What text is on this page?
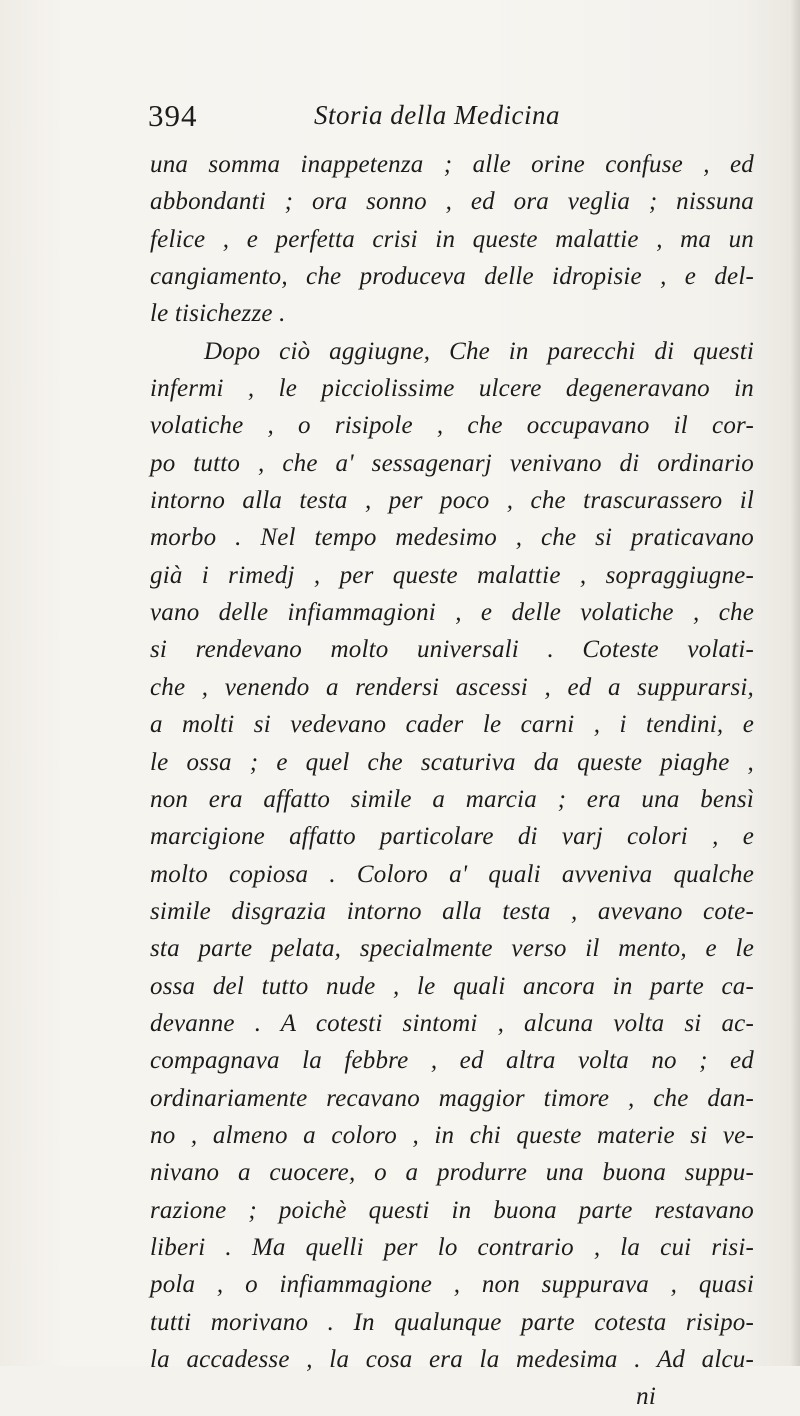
394	Storia della Medicina
una somma inappetenza ; alle orine confuse , ed
abbondanti ; ora sonno , ed ora veglia ; nissuna
felice , e perfetta crisi in queste malattie , ma un
cangiamento, che produceva delle idropisie , e del-
le tisichezze .
Dopo ciò aggiugne, Che in parecchi di questi
infermi , le picciolissime ulcere degeneravano in
volatiche , o risipole , che occupavano il cor-
po tutto , che a' sessagenarj venivano di ordinario
intorno alla testa , per poco , che trascurassero il
morbo . Nel tempo medesimo , che si praticavano
già i rimedj , per queste malattie , sopraggiugne-
vano delle infiammagioni , e delle volatiche , che
si rendevano molto universali . Coteste volati-
che , venendo a rendersi ascessi , ed a suppurarsi,
a molti si vedevano cader le carni , i tendini, e
le ossa ; e quel che scaturiva da queste piaghe ,
non era affatto simile a marcia ; era una bensì
marcigione affatto particolare di varj colori , e
molto copiosa . Coloro a' quali avveniva qualche
simile disgrazia intorno alla testa , avevano cote-
sta parte pelata, specialmente verso il mento, e le
ossa del tutto nude , le quali ancora in parte ca-
devanne . A cotesti sintomi , alcuna volta si ac-
compagnava la febbre , ed altra volta no ; ed
ordinariamente recavano maggior timore , che dan-
no , almeno a coloro , in chi queste materie si ve-
nivano a cuocere, o a produrre una buona suppu-
razione ; poichè questi in buona parte restavano
liberi . Ma quelli per lo contrario , la cui risi-
pola , o infiammagione , non suppurava , quasi
tutti morivano . In qualunque parte cotesta risipo-
la accadesse , la cosa era la medesima . Ad alcu-
ni
